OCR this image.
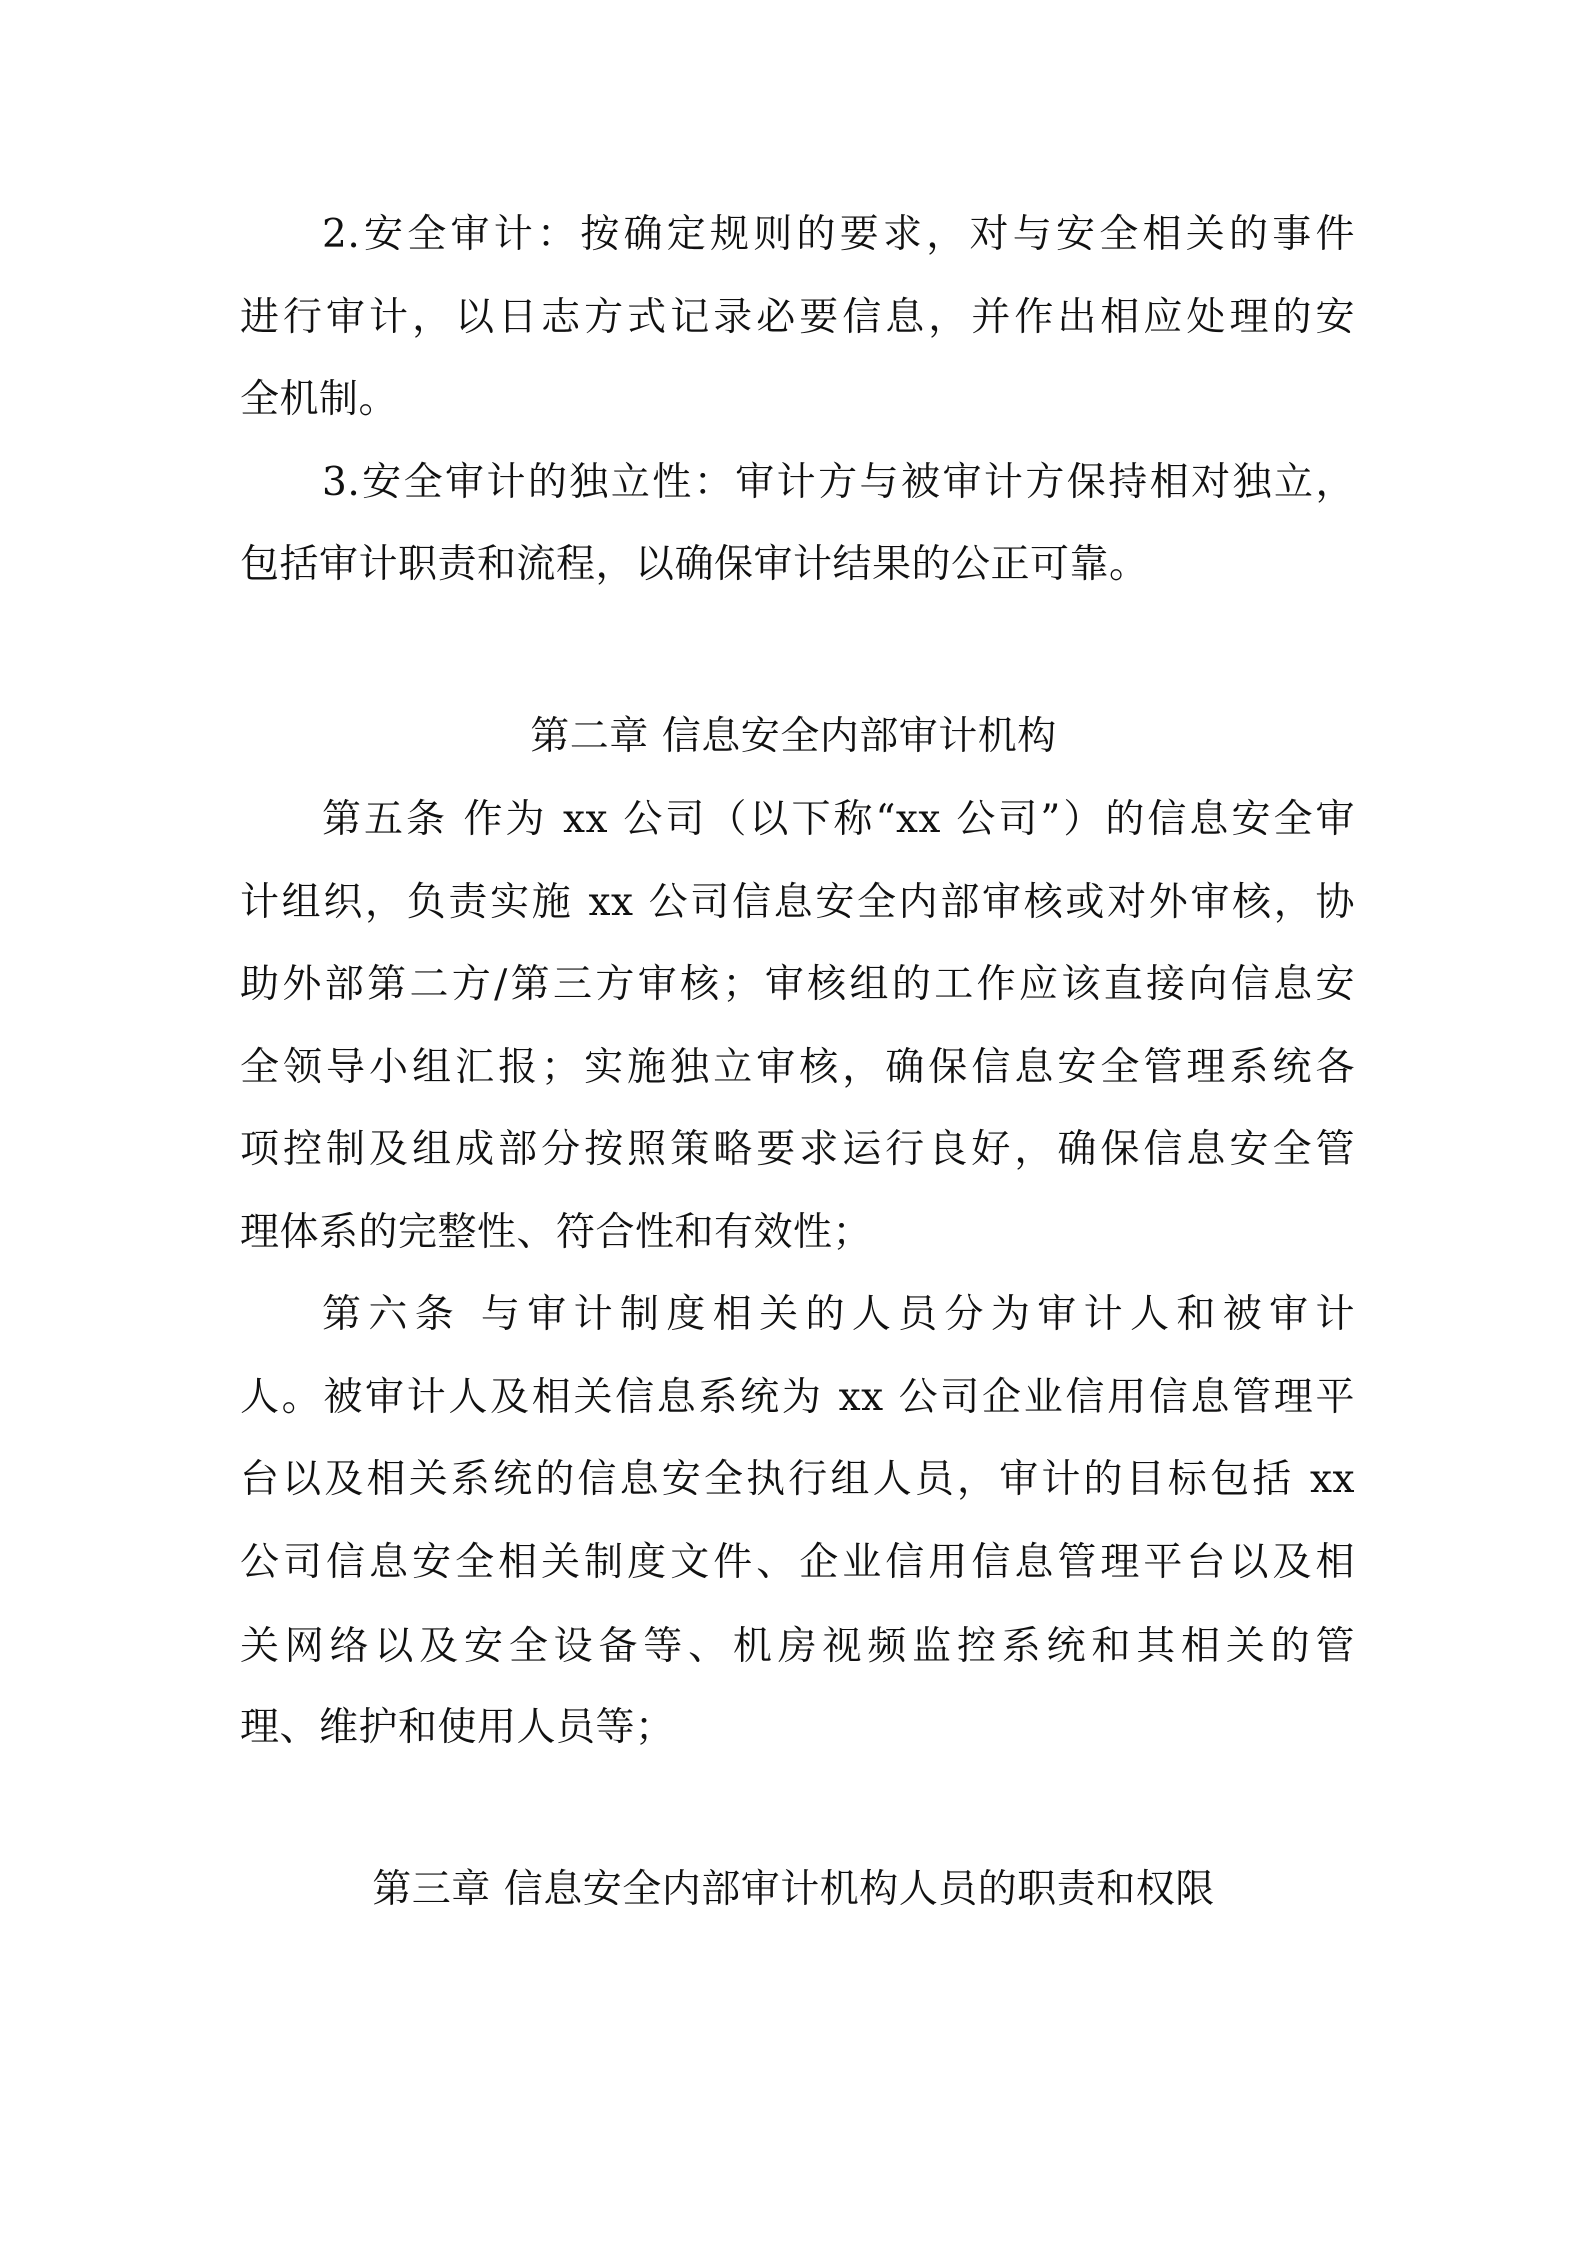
2.安全审计：按确定规则的要求，对与安全相关的事件
进行审计，以日志方式记录必要信息，并作出相应处理的安
全机制。
3.安全审计的独立性：审计方与被审计方保持相对独立，
包括审计职责和流程，以确保审计结果的公正可靠。
第二章 信息安全内部审计机构
第五条 作为 xx 公司（以下称“xx 公司”）的信息安全审
计组织，负责实施 xx 公司信息安全内部审核或对外审核，协
助外部第二方/第三方审核；审核组的工作应该直接向信息安
全领导小组汇报；实施独立审核，确保信息安全管理系统各
项控制及组成部分按照策略要求运行良好，确保信息安全管
理体系的完整性、符合性和有效性；
第六条 与审计制度相关的人员分为审计人和被审计
人。被审计人及相关信息系统为 xx 公司企业信用信息管理平
台以及相关系统的信息安全执行组人员，审计的目标包括 xx
公司信息安全相关制度文件、企业信用信息管理平台以及相
关网络以及安全设备等、机房视频监控系统和其相关的管
理、维护和使用人员等；
第三章 信息安全内部审计机构人员的职责和权限
